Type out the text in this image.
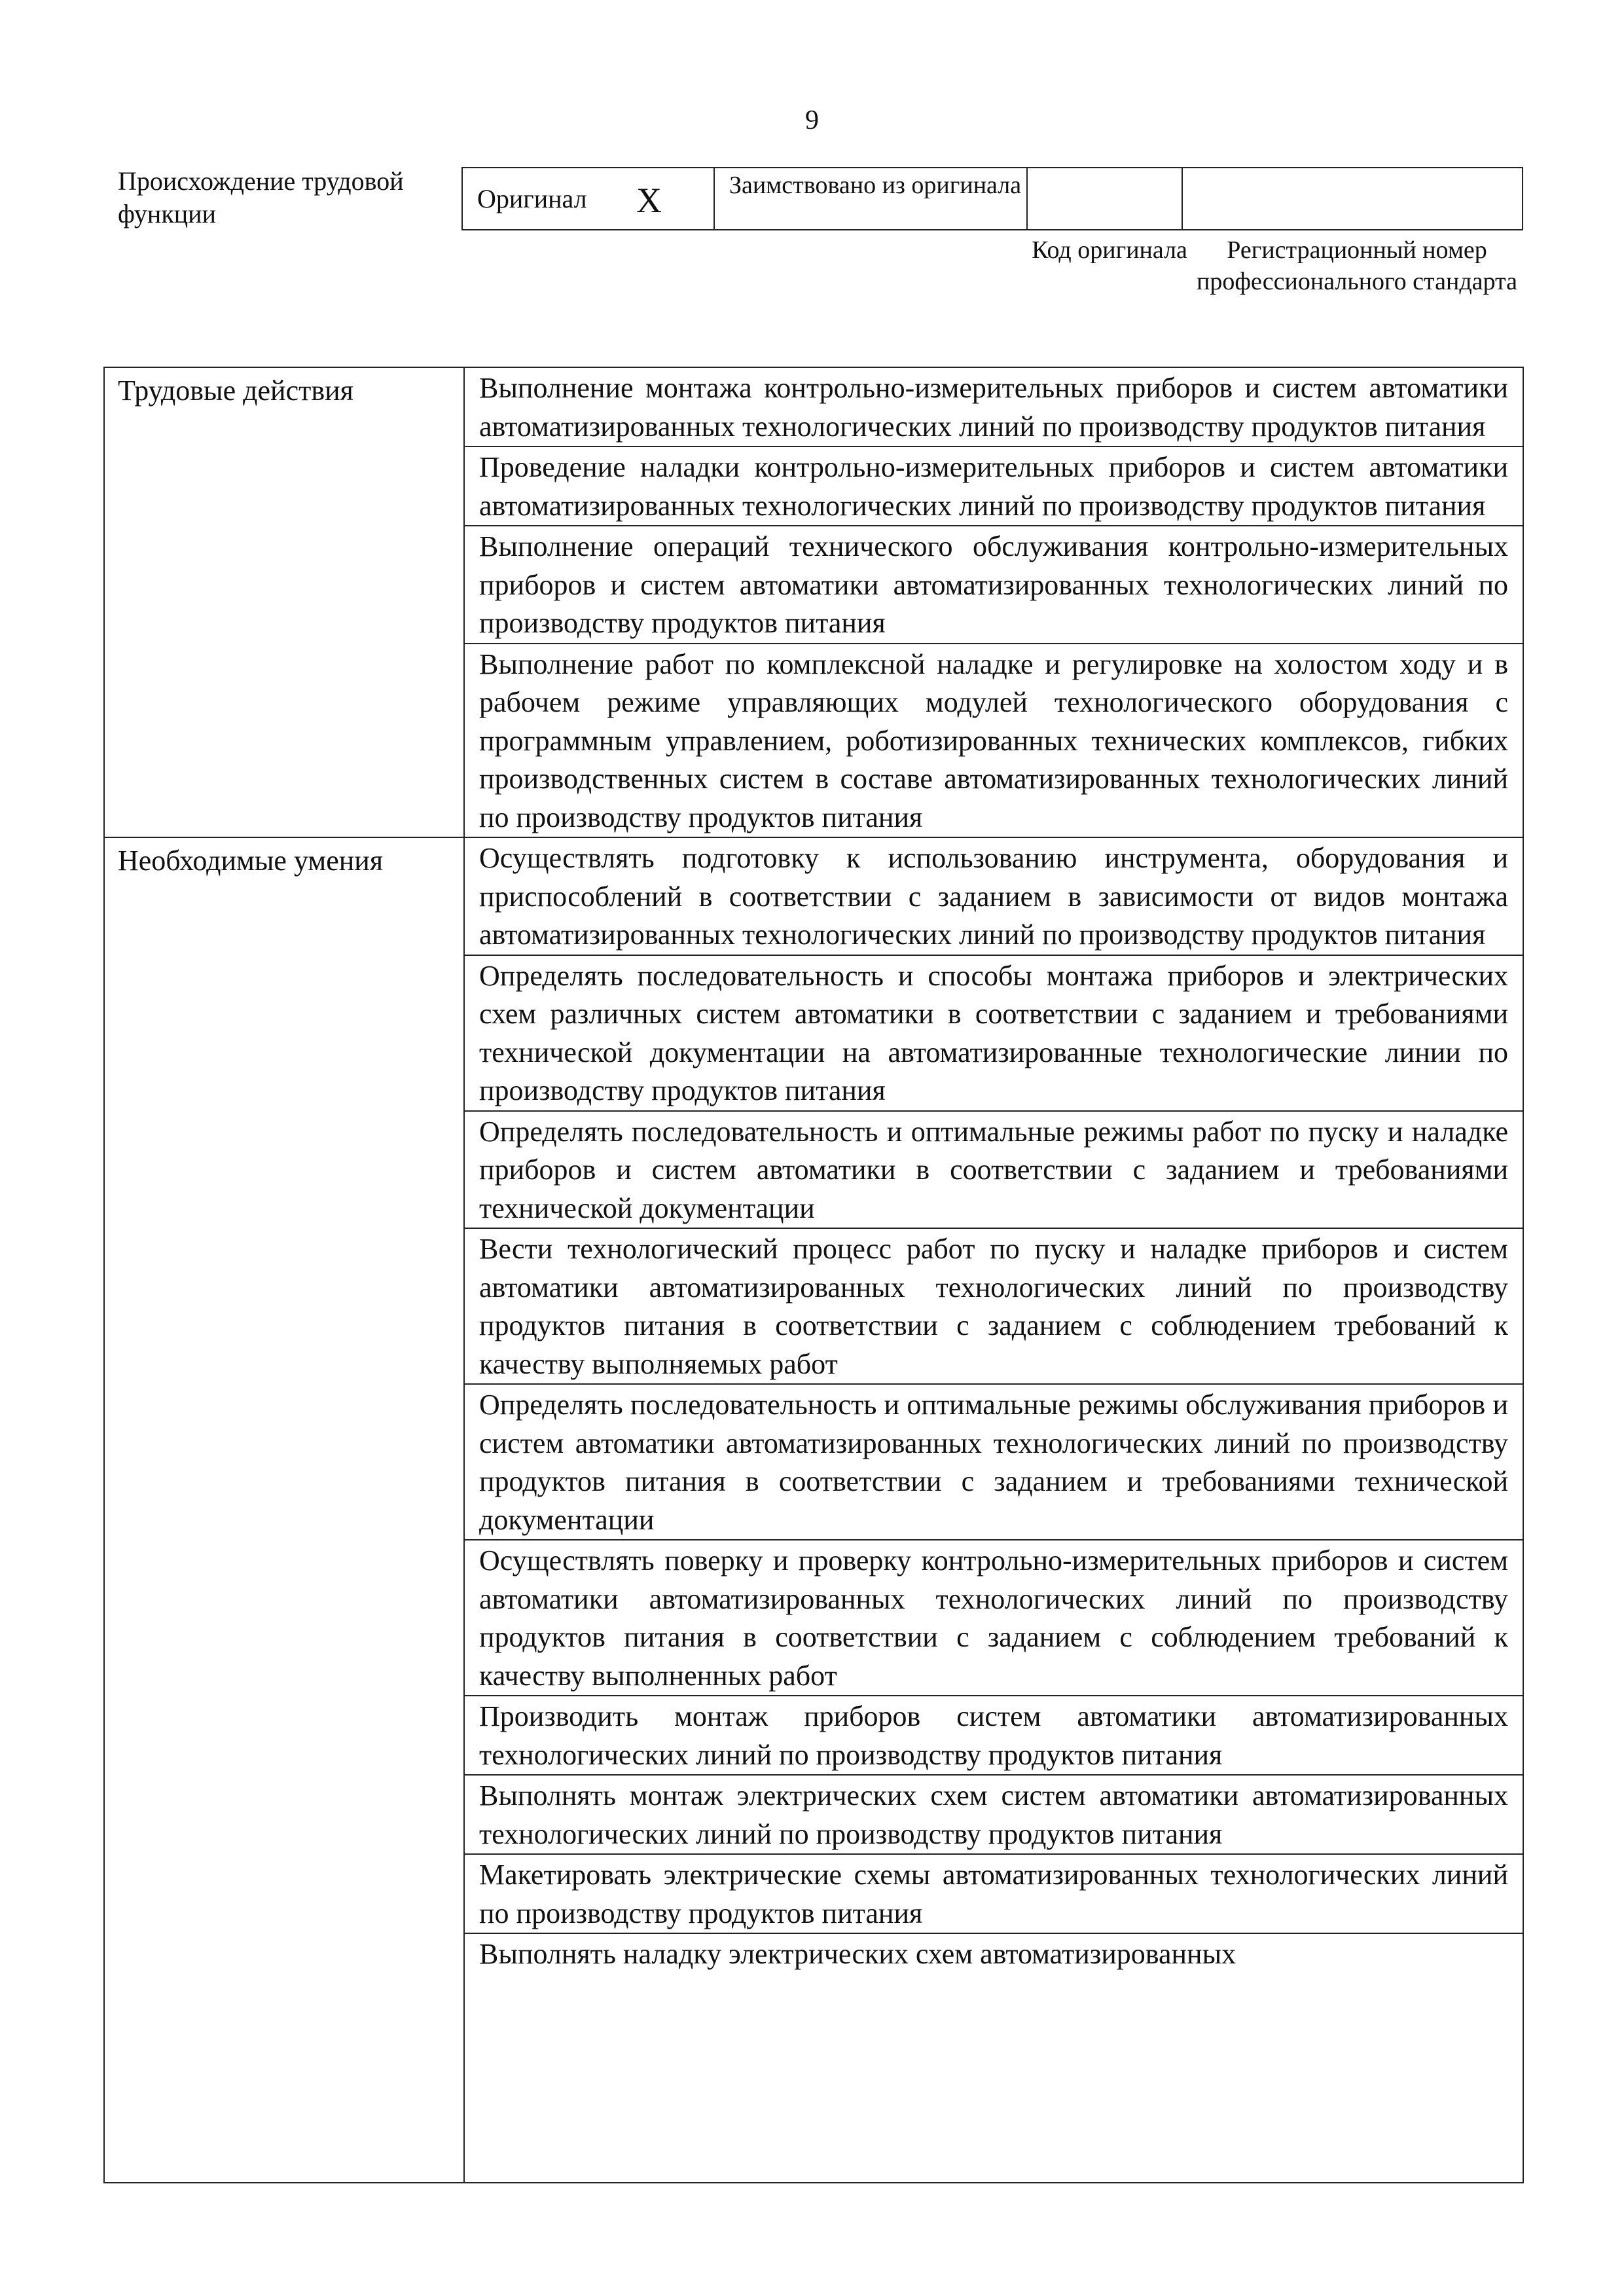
9
Происхождение трудовой функции
Оригинал X	Заимствовано из оригинала
Код оригинала	Регистрационный номер профессионального стандарта
Трудовые действия	Выполнение монтажа контрольно-измерительных приборов и систем автоматики автоматизированных технологических линий по производству продуктов питания
Проведение наладки контрольно-измерительных приборов и систем автоматики автоматизированных технологических линий по производству продуктов питания
Выполнение операций технического обслуживания контрольно-измерительных приборов и систем автоматики автоматизированных технологических линий по производству продуктов питания
Выполнение работ по комплексной наладке и регулировке на холостом ходу и в рабочем режиме управляющих модулей технологического оборудования с программным управлением, роботизированных технических комплексов, гибких производственных систем в составе автоматизированных технологических линий по производству продуктов питания
Необходимые умения	Осуществлять подготовку к использованию инструмента, оборудования и приспособлений в соответствии с заданием в зависимости от видов монтажа автоматизированных технологических линий по производству продуктов питания
Определять последовательность и способы монтажа приборов и электрических схем различных систем автоматики в соответствии с заданием и требованиями технической документации на автоматизированные технологические линии по производству продуктов питания
Определять последовательность и оптимальные режимы работ по пуску и наладке приборов и систем автоматики в соответствии с заданием и требованиями технической документации
Вести технологический процесс работ по пуску и наладке приборов и систем автоматики автоматизированных технологических линий по производству продуктов питания в соответствии с заданием с соблюдением требований к качеству выполняемых работ
Определять последовательность и оптимальные режимы обслуживания приборов и систем автоматики автоматизированных технологических линий по производству продуктов питания в соответствии с заданием и требованиями технической документации
Осуществлять поверку и проверку контрольно-измерительных приборов и систем автоматики автоматизированных технологических линий по производству продуктов питания в соответствии с заданием с соблюдением требований к качеству выполненных работ
Производить монтаж приборов систем автоматики автоматизированных технологических линий по производству продуктов питания
Выполнять монтаж электрических схем систем автоматики автоматизированных технологических линий по производству продуктов питания
Макетировать электрические схемы автоматизированных технологических линий по производству продуктов питания
Выполнять наладку электрических схем автоматизированных
